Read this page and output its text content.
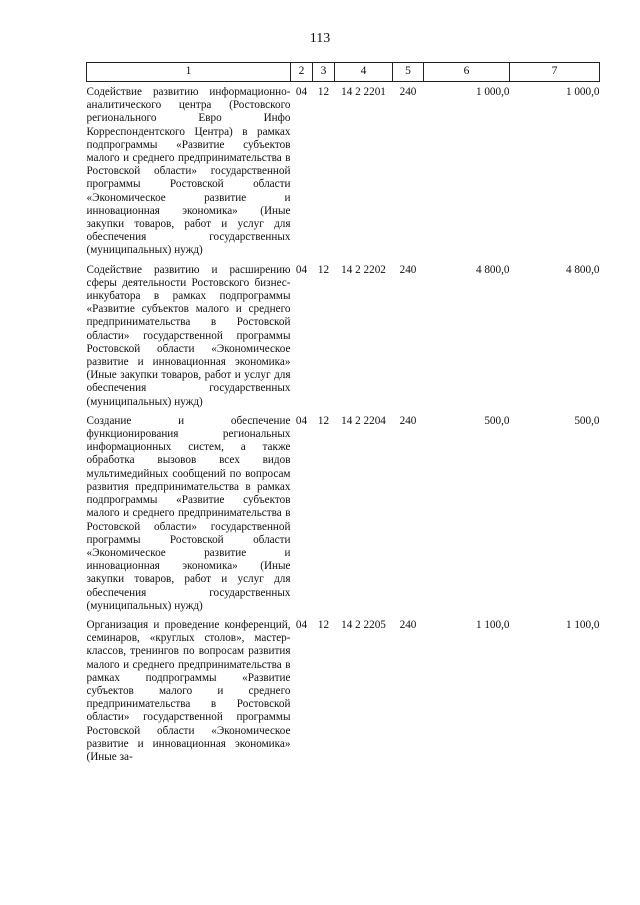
113
1	2	3	4	5	6	7
Содействие развитию информационно-аналитического центра (Ростовского регионального Евро Инфо Корреспондентского Центра) в рамках подпрограммы «Развитие субъектов малого и среднего предпринимательства в Ростовской области» государственной программы Ростовской области «Экономическое развитие и инновационная экономика» (Иные закупки товаров, работ и услуг для обеспечения государственных (муниципальных) нужд)	04	12	14 2 2201	240	1 000,0	1 000,0
Содействие развитию и расширению сферы деятельности Ростовского бизнес-инкубатора в рамках подпрограммы «Развитие субъектов малого и среднего предпринимательства в Ростовской области» государственной программы Ростовской области «Экономическое развитие и инновационная экономика» (Иные закупки товаров, работ и услуг для обеспечения государственных (муниципальных) нужд)	04	12	14 2 2202	240	4 800,0	4 800,0
Создание и обеспечение функционирования региональных информационных систем, а также обработка вызовов всех видов мультимедийных сообщений по вопросам развития предпринимательства в рамках подпрограммы «Развитие субъектов малого и среднего предпринимательства в Ростовской области» государственной программы Ростовской области «Экономическое развитие и инновационная экономика» (Иные закупки товаров, работ и услуг для обеспечения государственных (муниципальных) нужд)	04	12	14 2 2204	240	500,0	500,0
Организация и проведение конференций, семинаров, «круглых столов», мастер-классов, тренингов по вопросам развития малого и среднего предпринимательства в рамках подпрограммы «Развитие субъектов малого и среднего предпринимательства в Ростовской области» государственной программы Ростовской области «Экономическое развитие и инновационная экономика» (Иные за-	04	12	14 2 2205	240	1 100,0	1 100,0
